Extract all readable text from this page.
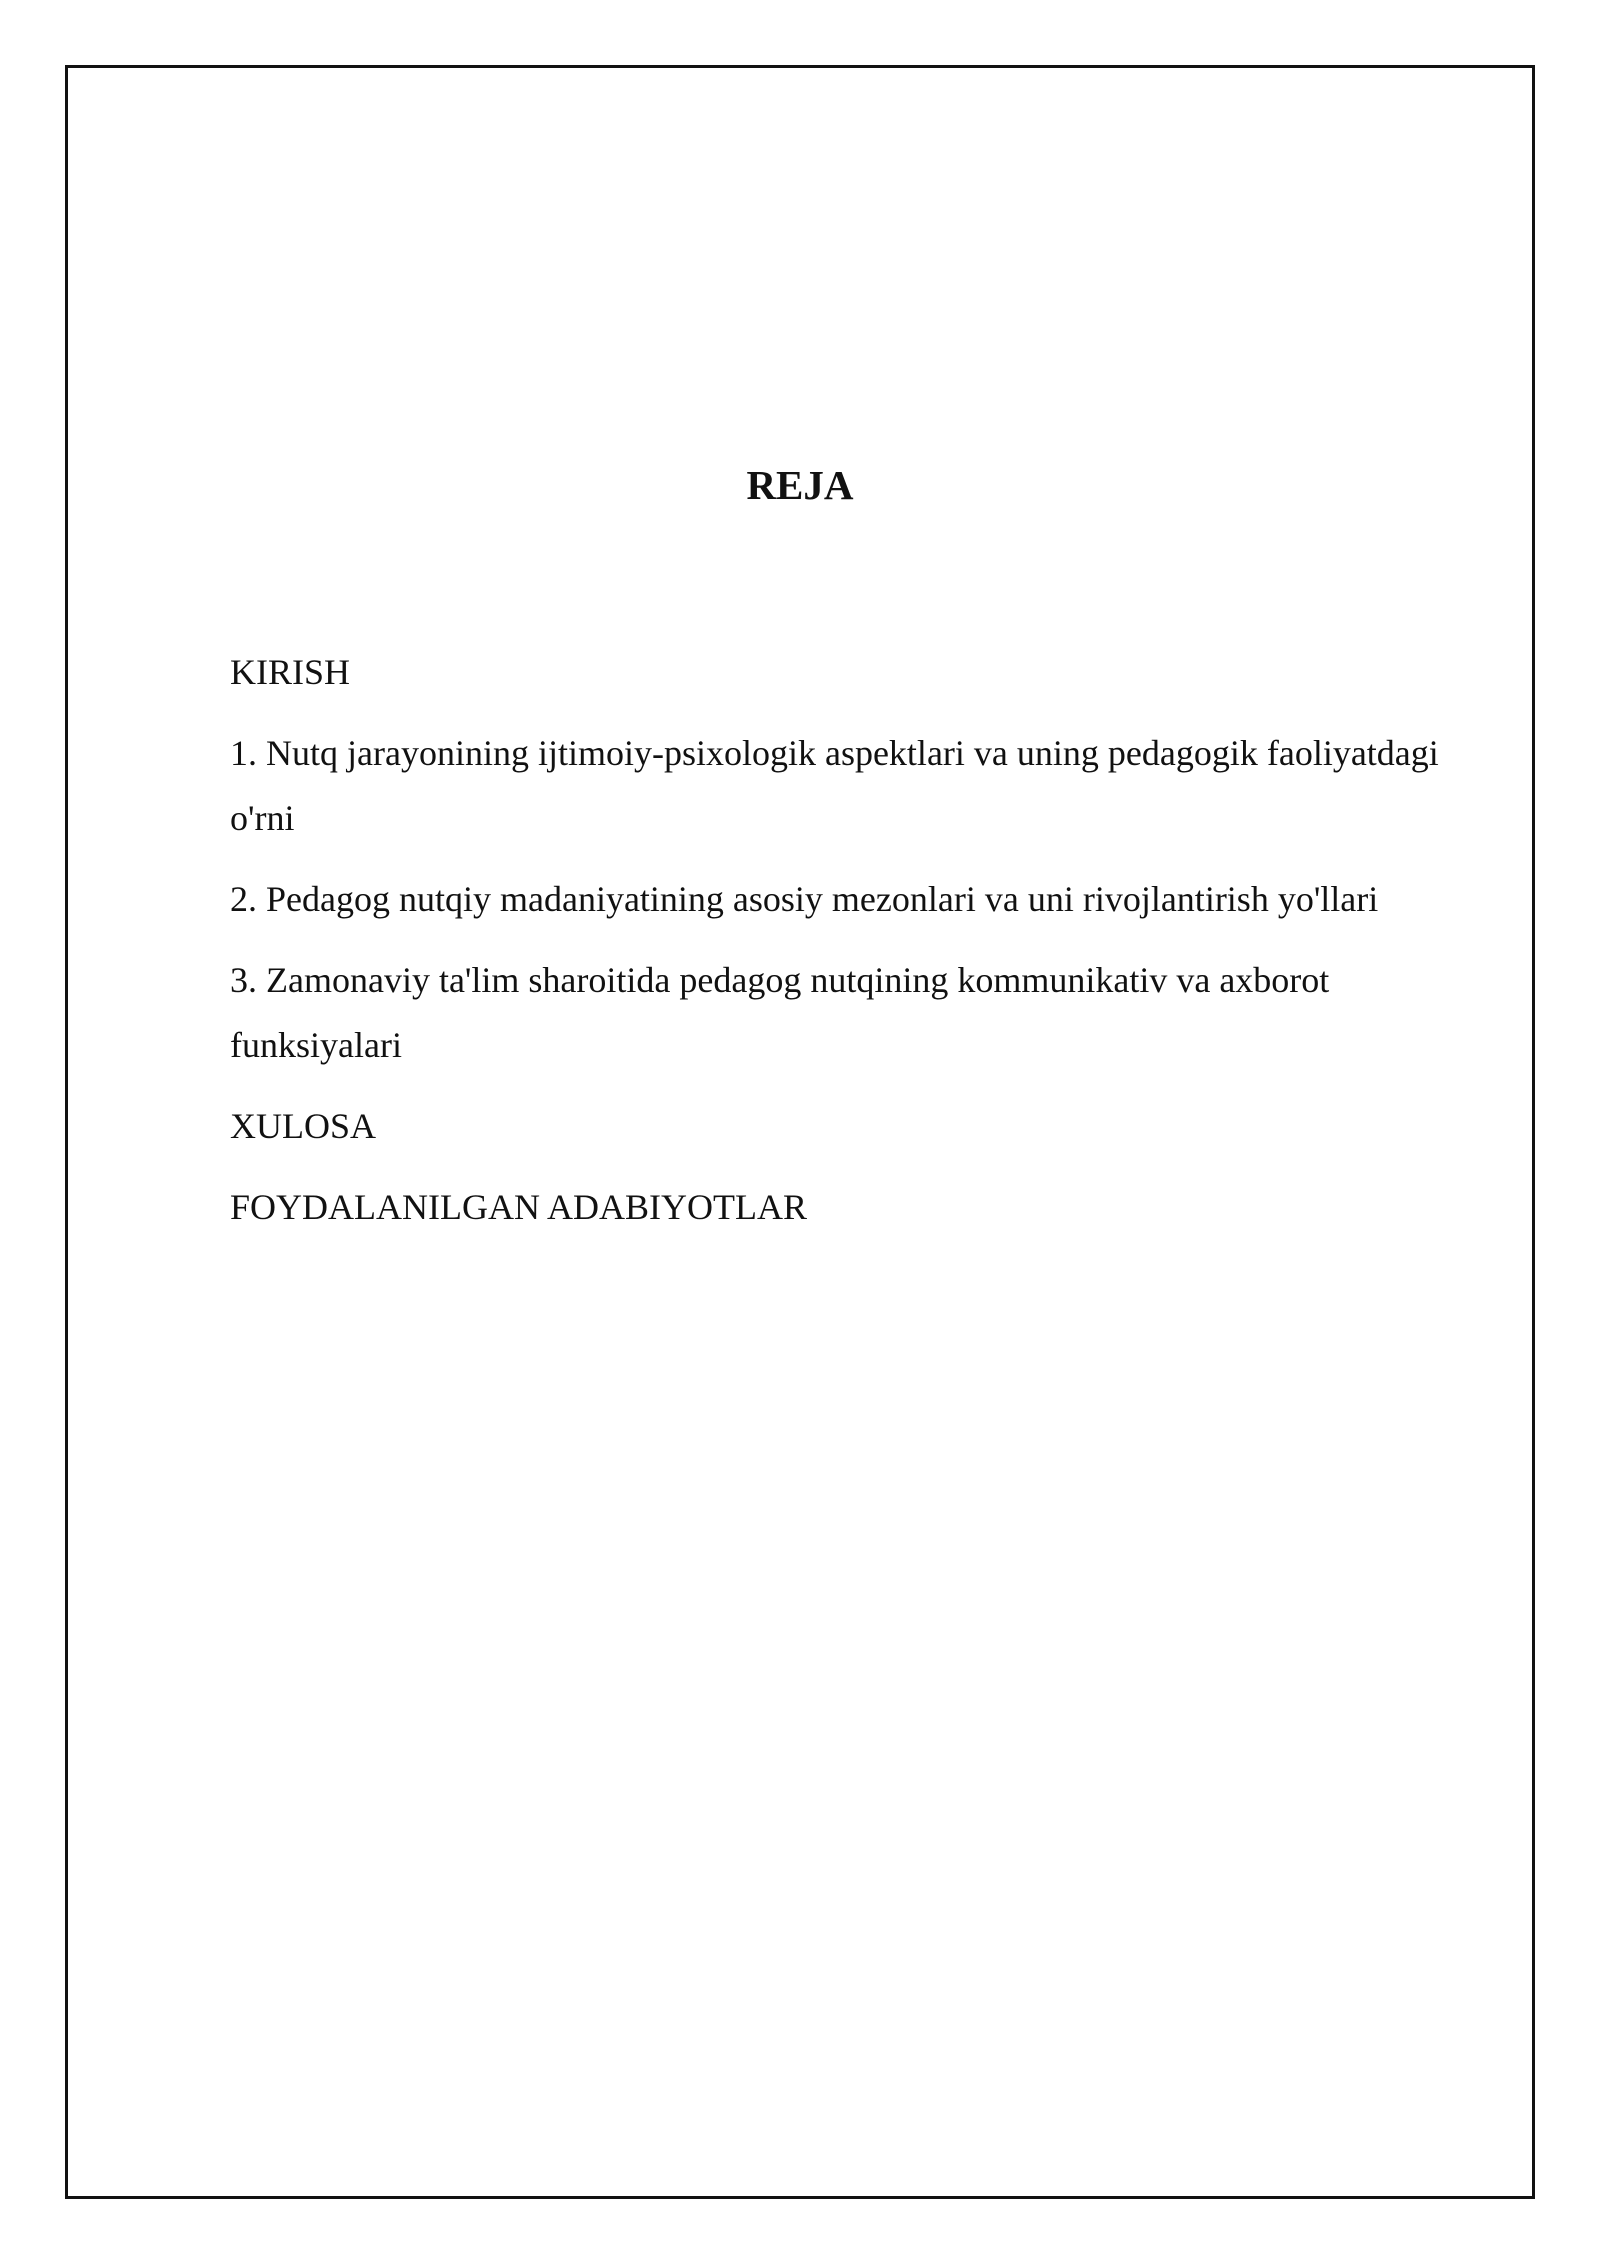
REJA
KIRISH
1. Nutq jarayonining ijtimoiy-psixologik aspektlari va uning pedagogik faoliyatdagi o'rni
2. Pedagog nutqiy madaniyatining asosiy mezonlari va uni rivojlantirish yo'llari
3. Zamonaviy ta'lim sharoitida pedagog nutqining kommunikativ va axborot funksiyalari
XULOSA
FOYDALANILGAN ADABIYOTLAR
